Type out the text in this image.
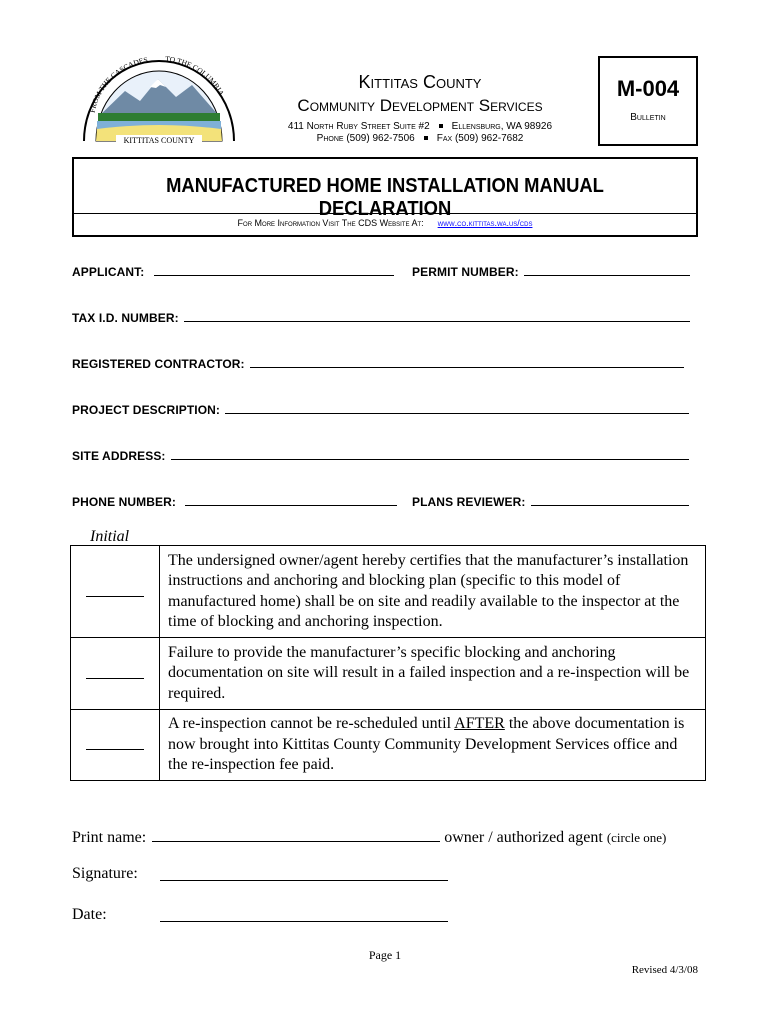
FROM THE CASCADES TO THE COLUMBIA
KITTITAS COUNTY
Kittitas County
Community Development Services
411 North Ruby Street Suite #2 Ellensburg, WA 98926
Phone (509) 962-7506 Fax (509) 962-7682
M-004
Bulletin
MANUFACTURED HOME INSTALLATION MANUAL DECLARATION
For More Information Visit The CDS Website At: www.co.kittitas.wa.us/cds
APPLICANT:	PERMIT NUMBER:
TAX I.D. NUMBER:
REGISTERED CONTRACTOR:
PROJECT DESCRIPTION:
SITE ADDRESS:
PHONE NUMBER:	PLANS REVIEWER:
Initial
	The undersigned owner/agent hereby certifies that the manufacturer’s installation instructions and anchoring and blocking plan (specific to this model of manufactured home) shall be on site and readily available to the inspector at the time of blocking and anchoring inspection.
	Failure to provide the manufacturer’s specific blocking and anchoring documentation on site will result in a failed inspection and a re-inspection will be required.
	A re-inspection cannot be re-scheduled until AFTER the above documentation is now brought into Kittitas County Community Development Services office and the re-inspection fee paid.
Print name:	owner / authorized agent (circle one)
Signature:
Date:
Page 1
Revised 4/3/08
